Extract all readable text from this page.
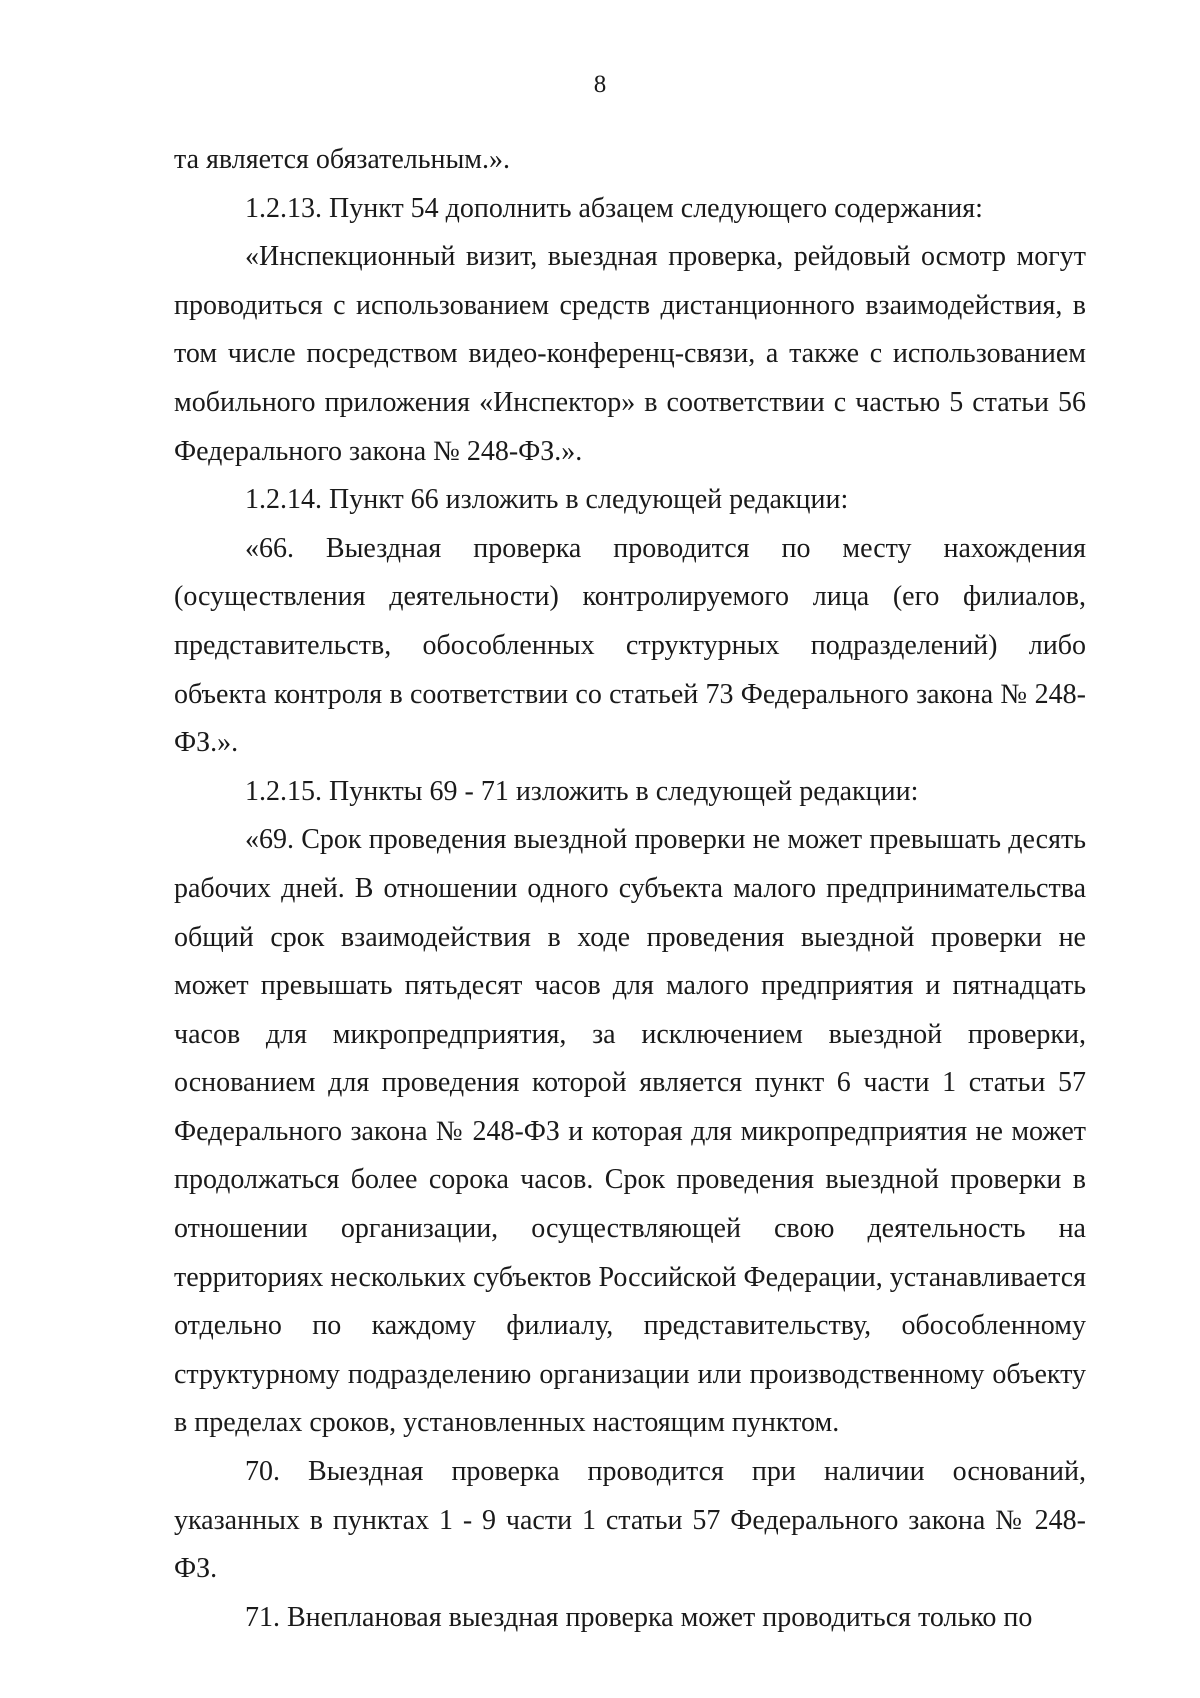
8

та является обязательным.».

1.2.13. Пункт 54 дополнить абзацем следующего содержания:

«Инспекционный визит, выездная проверка, рейдовый осмотр могут проводиться с использованием средств дистанционного взаимодействия, в том числе посредством видео-конференц-связи, а также с использованием мобильного приложения «Инспектор» в соответствии с частью 5 статьи 56 Федерального закона № 248-ФЗ.».

1.2.14. Пункт 66 изложить в следующей редакции:

«66. Выездная проверка проводится по месту нахождения (осуществления деятельности) контролируемого лица (его филиалов, представительств, обособленных структурных подразделений) либо объекта контроля в соответствии со статьей 73 Федерального закона № 248-ФЗ.».

1.2.15. Пункты 69 - 71 изложить в следующей редакции:

«69. Срок проведения выездной проверки не может превышать десять рабочих дней. В отношении одного субъекта малого предпринимательства общий срок взаимодействия в ходе проведения выездной проверки не может превышать пятьдесят часов для малого предприятия и пятнадцать часов для микропредприятия, за исключением выездной проверки, основанием для проведения которой является пункт 6 части 1 статьи 57 Федерального закона № 248-ФЗ и которая для микропредприятия не может продолжаться более сорока часов. Срок проведения выездной проверки в отношении организации, осуществляющей свою деятельность на территориях нескольких субъектов Российской Федерации, устанавливается отдельно по каждому филиалу, представительству, обособленному структурному подразделению организации или производственному объекту в пределах сроков, установленных настоящим пунктом.

70. Выездная проверка проводится при наличии оснований, указанных в пунктах 1 - 9 части 1 статьи 57 Федерального закона № 248-ФЗ.

71. Внеплановая выездная проверка может проводиться только по
